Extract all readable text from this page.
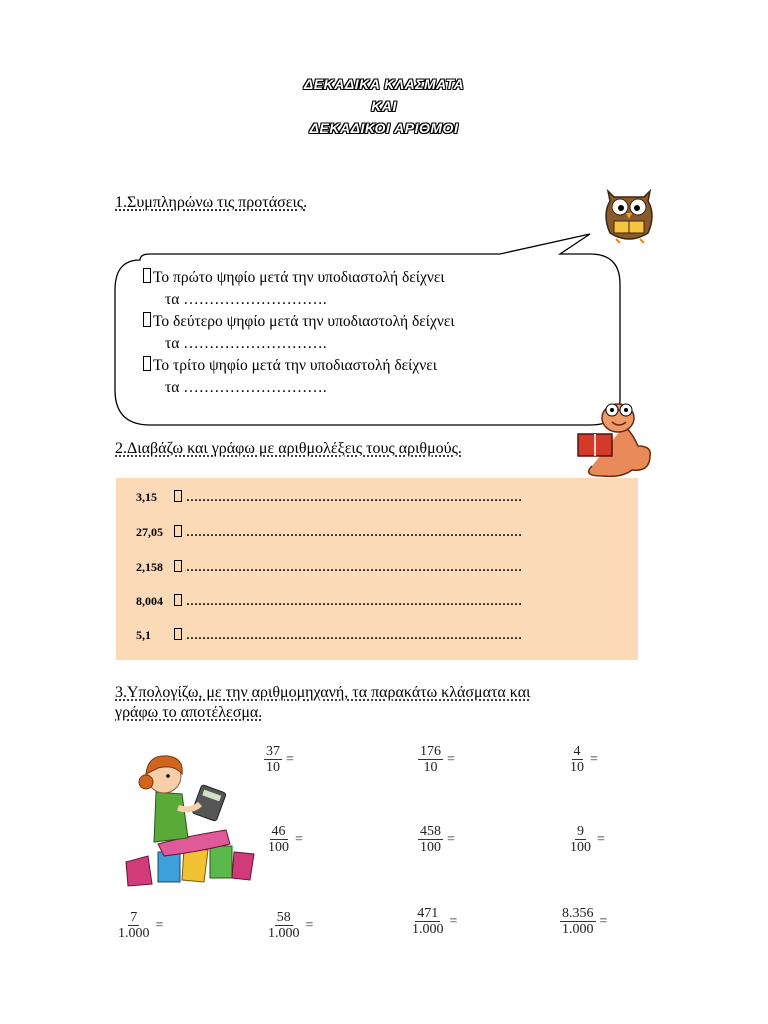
ΔΕΚΑΔΙΚΑ ΚΛΑΣΜΑΤΑ
ΚΑΙ
ΔΕΚΑΔΙΚΟΙ ΑΡΙΘΜΟΙ
1.Συμπληρώνω τις προτάσεις.
Το πρώτο ψηφίο μετά την υποδιαστολή δείχνει
τα ……………………….
Το δεύτερο ψηφίο μετά την υποδιαστολή δείχνει
τα ……………………….
Το τρίτο ψηφίο μετά την υποδιαστολή δείχνει
τα ……………………….
2.Διαβάζω και γράφω με αριθμολέξεις τους αριθμούς.
3,15 …………………………………………………………………………
27,05 …………………………………………………………………………
2,158 …………………………………………………………………………
8,004 …………………………………………………………………………
5,1	…………………………………………………………………………
3.Υπολογίζω, με την αριθμομηχανή, τα παρακάτω κλάσματα και
γράφω το αποτέλεσμα.
$\frac{37}{10}$ =	$\frac{176}{10}$ =	$\frac{4}{10}$ =
$\frac{46}{100}$ =	$\frac{458}{100}$ =	$\frac{9}{100}$ =
$\frac{7}{1.000}$ =	$\frac{58}{1.000}$ =	$\frac{471}{1.000}$ =	$\frac{8.356}{1.000}$ =
